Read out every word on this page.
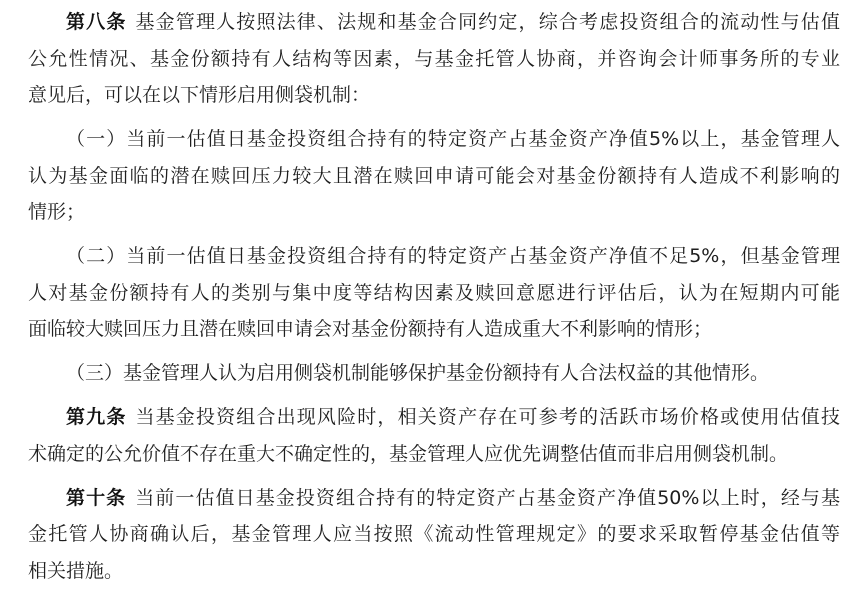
第八条 基金管理人按照法律、法规和基金合同约定，综合考虑投资组合的流动性与估值
公允性情况、基金份额持有人结构等因素，与基金托管人协商，并咨询会计师事务所的专业
意见后，可以在以下情形启用侧袋机制：
（一）当前一估值日基金投资组合持有的特定资产占基金资产净值5%以上，基金管理人
认为基金面临的潜在赎回压力较大且潜在赎回申请可能会对基金份额持有人造成不利影响的
情形；
（二）当前一估值日基金投资组合持有的特定资产占基金资产净值不足5%，但基金管理
人对基金份额持有人的类别与集中度等结构因素及赎回意愿进行评估后，认为在短期内可能
面临较大赎回压力且潜在赎回申请会对基金份额持有人造成重大不利影响的情形；
（三）基金管理人认为启用侧袋机制能够保护基金份额持有人合法权益的其他情形。
第九条 当基金投资组合出现风险时，相关资产存在可参考的活跃市场价格或使用估值技
术确定的公允价值不存在重大不确定性的，基金管理人应优先调整估值而非启用侧袋机制。
第十条 当前一估值日基金投资组合持有的特定资产占基金资产净值50%以上时，经与基
金托管人协商确认后，基金管理人应当按照《流动性管理规定》的要求采取暂停基金估值等
相关措施。
